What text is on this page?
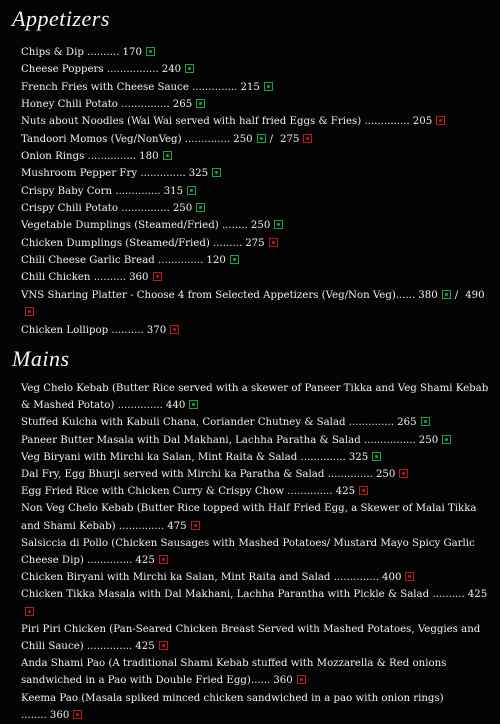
Appetizers
Chips & Dip .......... 170
Cheese Poppers ................ 240
French Fries with Cheese Sauce .............. 215
Honey Chili Potato ............... 265
Nuts about Noodles (Wai Wai served with half fried Eggs & Fries) .............. 205
Tandoori Momos (Veg/NonVeg) .............. 250 / 275
Onion Rings ............... 180
Mushroom Pepper Fry .............. 325
Crispy Baby Corn .............. 315
Crispy Chili Potato ............... 250
Vegetable Dumplings (Steamed/Fried) ........ 250
Chicken Dumplings (Steamed/Fried) ......... 275
Chili Cheese Garlic Bread .............. 120
Chili Chicken .......... 360
VNS Sharing Platter - Choose 4 from Selected Appetizers (Veg/Non Veg)...... 380 / 490
Chicken Lollipop .......... 370
Mains
Veg Chelo Kebab (Butter Rice served with a skewer of Paneer Tikka and Veg Shami Kebab & Mashed Potato) .............. 440
Stuffed Kulcha with Kabuli Chana, Coriander Chutney & Salad .............. 265
Paneer Butter Masala with Dal Makhani, Lachha Paratha & Salad ................ 250
Veg Biryani with Mirchi ka Salan, Mint Raita & Salad .............. 325
Dal Fry, Egg Bhurji served with Mirchi ka Paratha & Salad .............. 250
Egg Fried Rice with Chicken Curry & Crispy Chow .............. 425
Non Veg Chelo Kebab (Butter Rice topped with Half Fried Egg, a Skewer of Malai Tikka and Shami Kebab) .............. 475
Salsiccia di Pollo (Chicken Sausages with Mashed Potatoes/ Mustard Mayo Spicy Garlic Cheese Dip) .............. 425
Chicken Biryani with Mirchi ka Salan, Mint Raita and Salad .............. 400
Chicken Tikka Masala with Dal Makhani, Lachha Parantha with Pickle & Salad .......... 425
Piri Piri Chicken (Pan-Seared Chicken Breast Served with Mashed Potatoes, Veggies and Chili Sauce) .............. 425
Anda Shami Pao (A traditional Shami Kebab stuffed with Mozzarella & Red onions sandwiched in a Pao with Double Fried Egg)...... 360
Keema Pao (Masala spiked minced chicken sandwiched in a pao with onion rings) ........ 360
